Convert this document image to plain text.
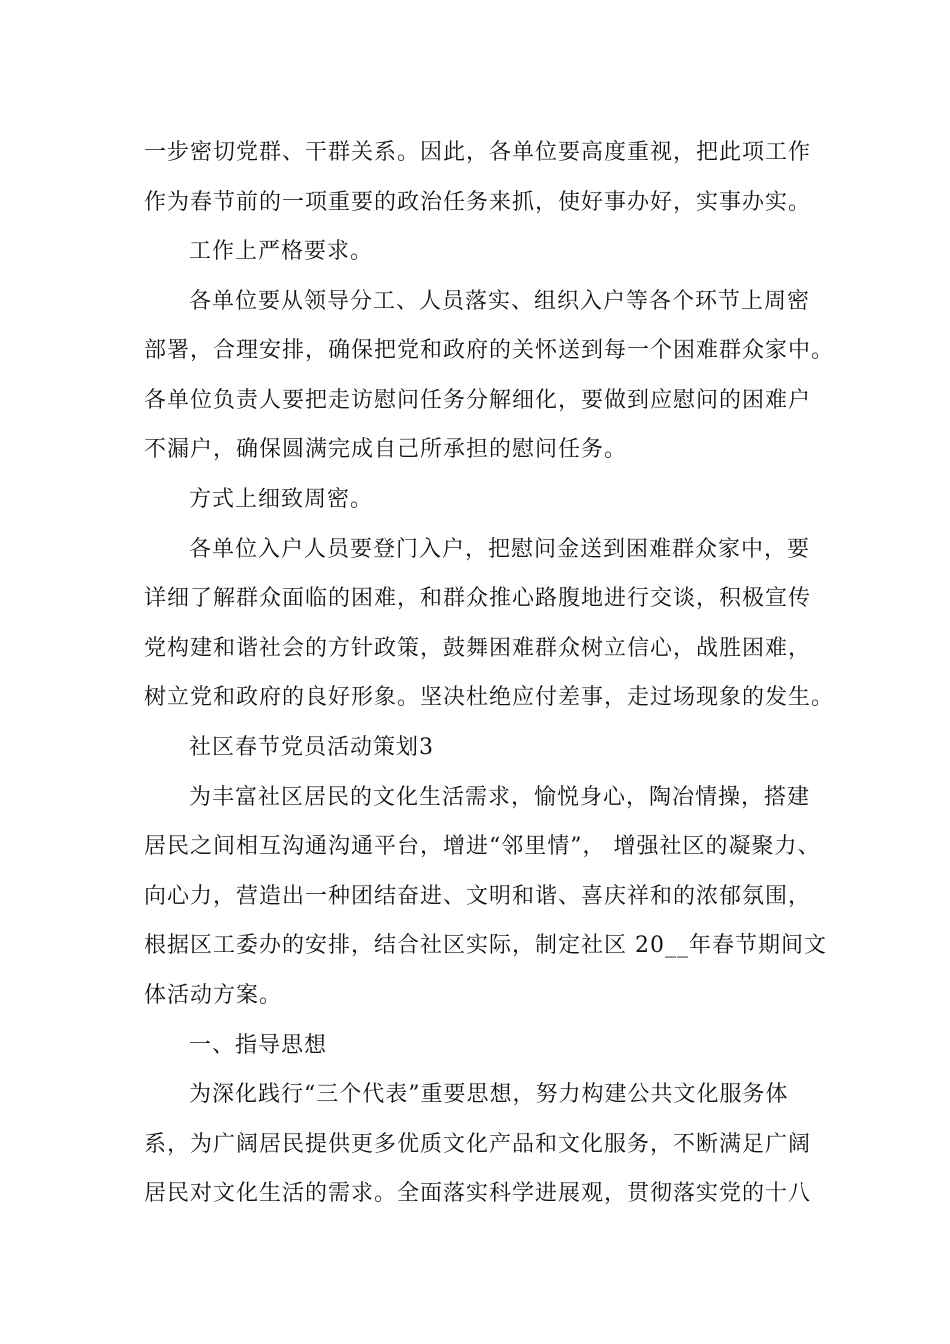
一步密切党群、干群关系。因此，各单位要高度重视，把此项工作
作为春节前的一项重要的政治任务来抓，使好事办好，实事办实。
工作上严格要求。
各单位要从领导分工、人员落实、组织入户等各个环节上周密
部署，合理安排，确保把党和政府的关怀送到每一个困难群众家中。
各单位负责人要把走访慰问任务分解细化，要做到应慰问的困难户
不漏户，确保圆满完成自己所承担的慰问任务。
方式上细致周密。
各单位入户人员要登门入户，把慰问金送到困难群众家中，要
详细了解群众面临的困难，和群众推心路腹地进行交谈，积极宣传
党构建和谐社会的方针政策，鼓舞困难群众树立信心，战胜困难，
树立党和政府的良好形象。坚决杜绝应付差事，走过场现象的发生。
社区春节党员活动策划3
为丰富社区居民的文化生活需求，愉悦身心，陶冶情操，搭建
居民之间相互沟通沟通平台，增进“邻里情”， 增强社区的凝聚力、
向心力，营造出一种团结奋进、文明和谐、喜庆祥和的浓郁氛围，
根据区工委办的安排，结合社区实际，制定社区 20__年春节期间文
体活动方案。
一、指导思想
为深化践行“三个代表”重要思想，努力构建公共文化服务体
系，为广阔居民提供更多优质文化产品和文化服务，不断满足广阔
居民对文化生活的需求。全面落实科学进展观，贯彻落实党的十八
